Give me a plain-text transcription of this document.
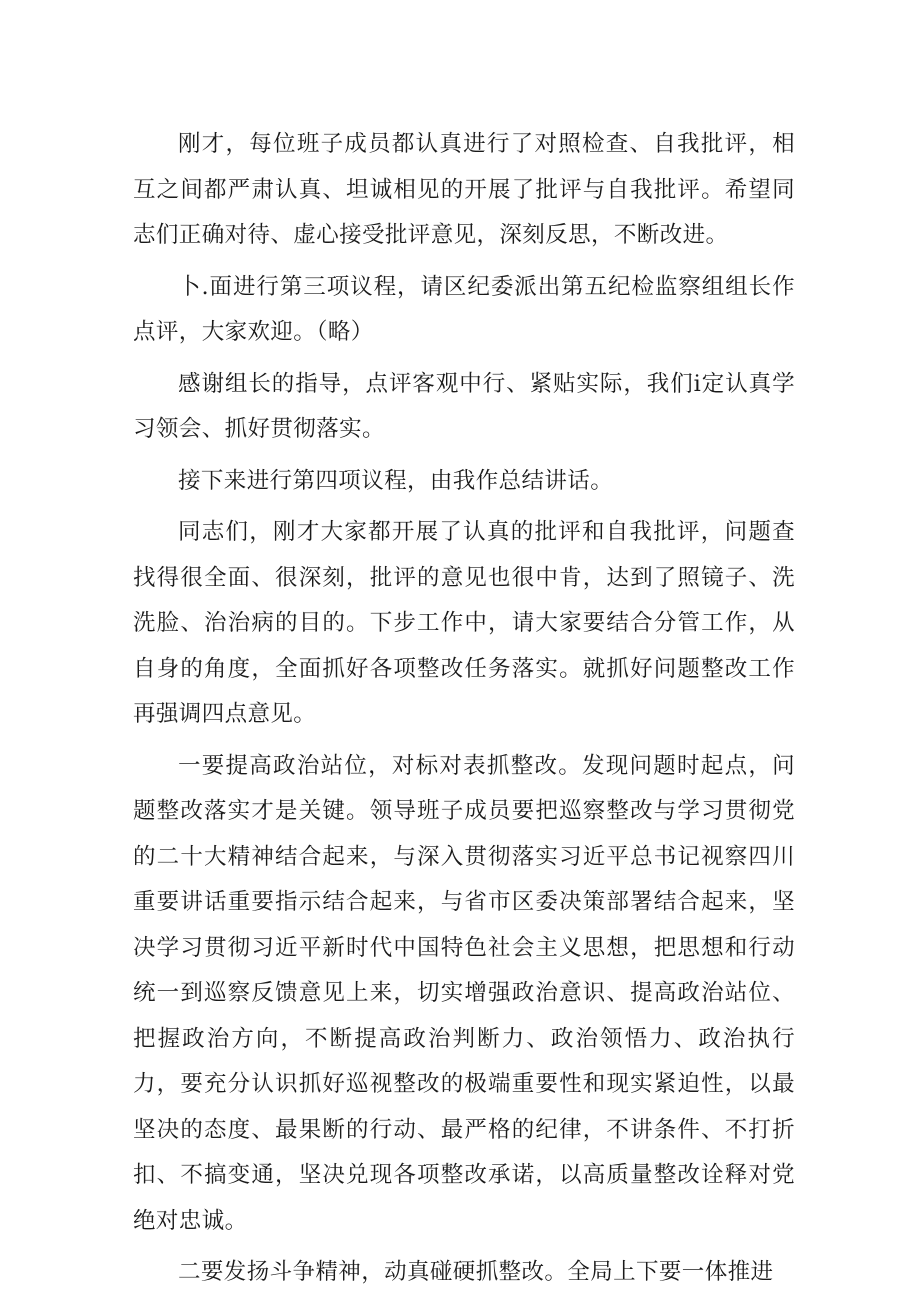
刚才，每位班子成员都认真进行了对照检查、自我批评，相互之间都严肃认真、坦诚相见的开展了批评与自我批评。希望同志们正确对待、虚心接受批评意见，深刻反思，不断改进。

卜.面进行第三项议程，请区纪委派出第五纪检监察组组长作点评，大家欢迎。（略）

感谢组长的指导，点评客观中行、紧贴实际，我们i定认真学习领会、抓好贯彻落实。

接下来进行第四项议程，由我作总结讲话。

同志们，刚才大家都开展了认真的批评和自我批评，问题查找得很全面、很深刻，批评的意见也很中肯，达到了照镜子、洗洗脸、治治病的目的。下步工作中，请大家要结合分管工作，从自身的角度，全面抓好各项整改任务落实。就抓好问题整改工作再强调四点意见。

一要提高政治站位，对标对表抓整改。发现问题时起点，问题整改落实才是关键。领导班子成员要把巡察整改与学习贯彻党的二十大精神结合起来，与深入贯彻落实习近平总书记视察四川重要讲话重要指示结合起来，与省市区委决策部署结合起来，坚决学习贯彻习近平新时代中国特色社会主义思想，把思想和行动统一到巡察反馈意见上来，切实增强政治意识、提高政治站位、把握政治方向，不断提高政治判断力、政治领悟力、政治执行力，要充分认识抓好巡视整改的极端重要性和现实紧迫性，以最坚决的态度、最果断的行动、最严格的纪律，不讲条件、不打折扣、不搞变通，坚决兑现各项整改承诺，以高质量整改诠释对党绝对忠诚。

二要发扬斗争精神，动真碰硬抓整改。全局上下要一体推进
